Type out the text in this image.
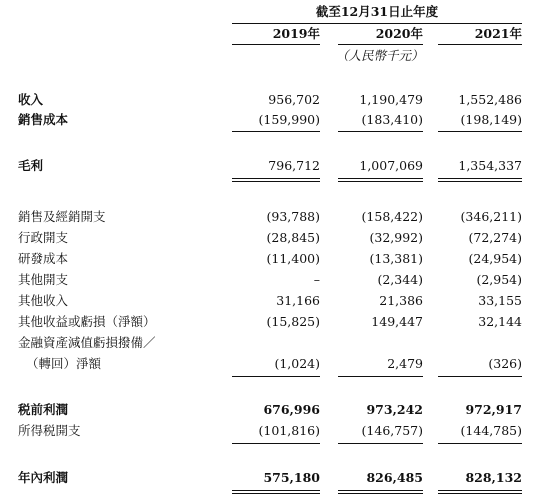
截至12月31日止年度
2019年	2020年	2021年
（人民幣千元）
收入	956,702	1,190,479	1,552,486
銷售成本	(159,990)	(183,410)	(198,149)
毛利	796,712	1,007,069	1,354,337
銷售及經銷開支	(93,788)	(158,422)	(346,211)
行政開支	(28,845)	(32,992)	(72,274)
研發成本	(11,400)	(13,381)	(24,954)
其他開支	–	(2,344)	(2,954)
其他收入	31,166	21,386	33,155
其他收益或虧損（淨額）	(15,825)	149,447	32,144
金融資產減值虧損撥備／
（轉回）淨額	(1,024)	2,479	(326)
税前利潤	676,996	973,242	972,917
所得税開支	(101,816)	(146,757)	(144,785)
年內利潤	575,180	826,485	828,132
